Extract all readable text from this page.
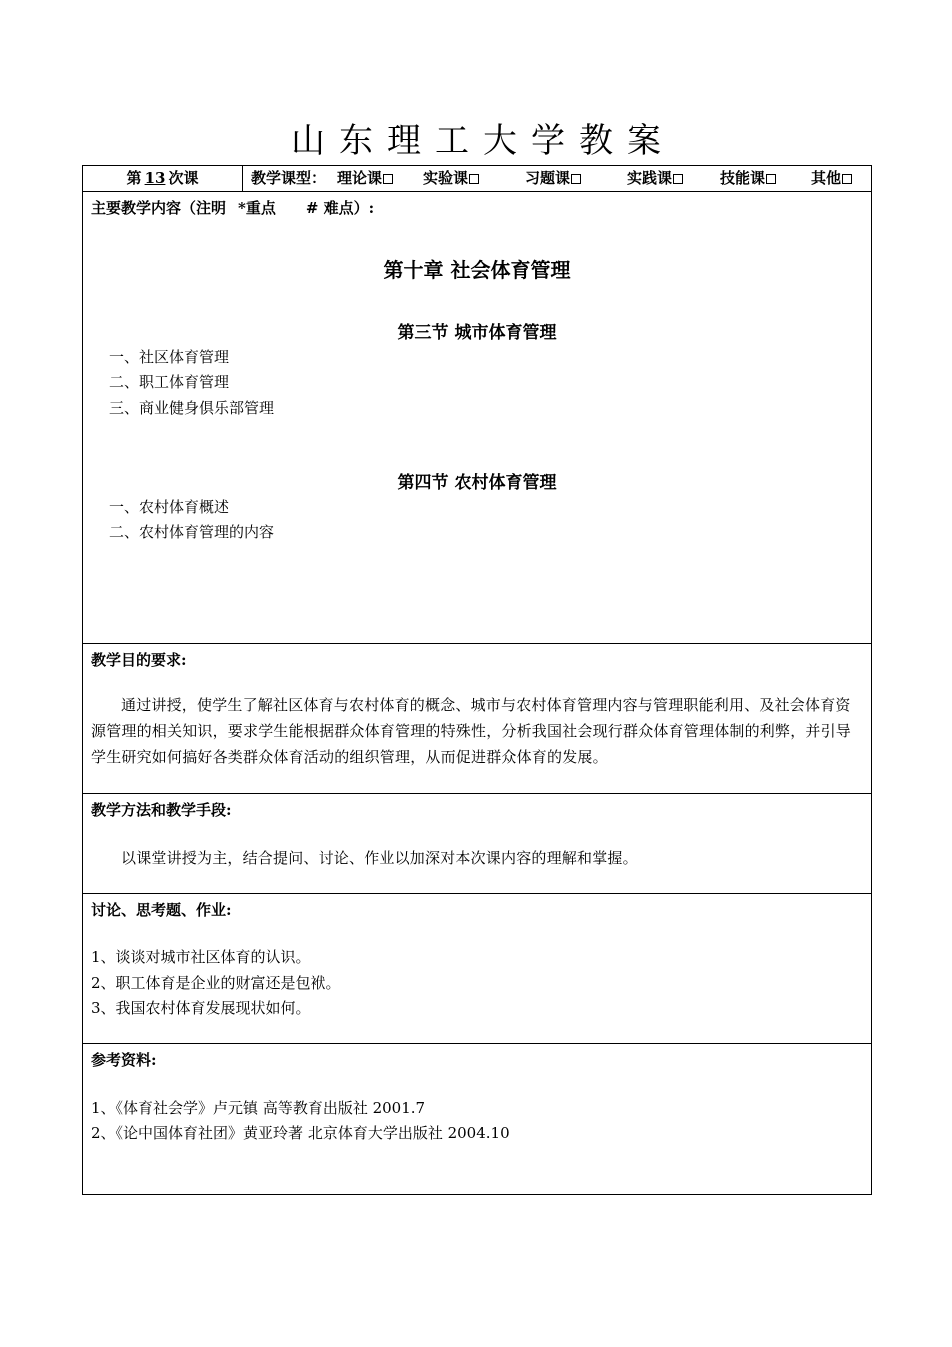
山东理工大学教案
第 13 次课	教学课型： 理论课	实验课	习题课	实践课	技能课	其他
主要教学内容（注明 *重点 # 难点）:
第十章 社会体育管理
第三节 城市体育管理
一、社区体育管理
二、职工体育管理
三、商业健身俱乐部管理
第四节 农村体育管理
一、农村体育概述
二、农村体育管理的内容
教学目的要求:
通过讲授，使学生了解社区体育与农村体育的概念、城市与农村体育管理内容与管理职能利用、及社会体育资源管理的相关知识，要求学生能根据群众体育管理的特殊性，分析我国社会现行群众体育管理体制的利弊，并引导学生研究如何搞好各类群众体育活动的组织管理，从而促进群众体育的发展。
教学方法和教学手段:
以课堂讲授为主，结合提问、讨论、作业以加深对本次课内容的理解和掌握。
讨论、思考题、作业:
1、谈谈对城市社区体育的认识。
2、职工体育是企业的财富还是包袱。
3、我国农村体育发展现状如何。
参考资料:
1、《体育社会学》卢元镇 高等教育出版社 2001.7
2、《论中国体育社团》黄亚玲著 北京体育大学出版社 2004.10
